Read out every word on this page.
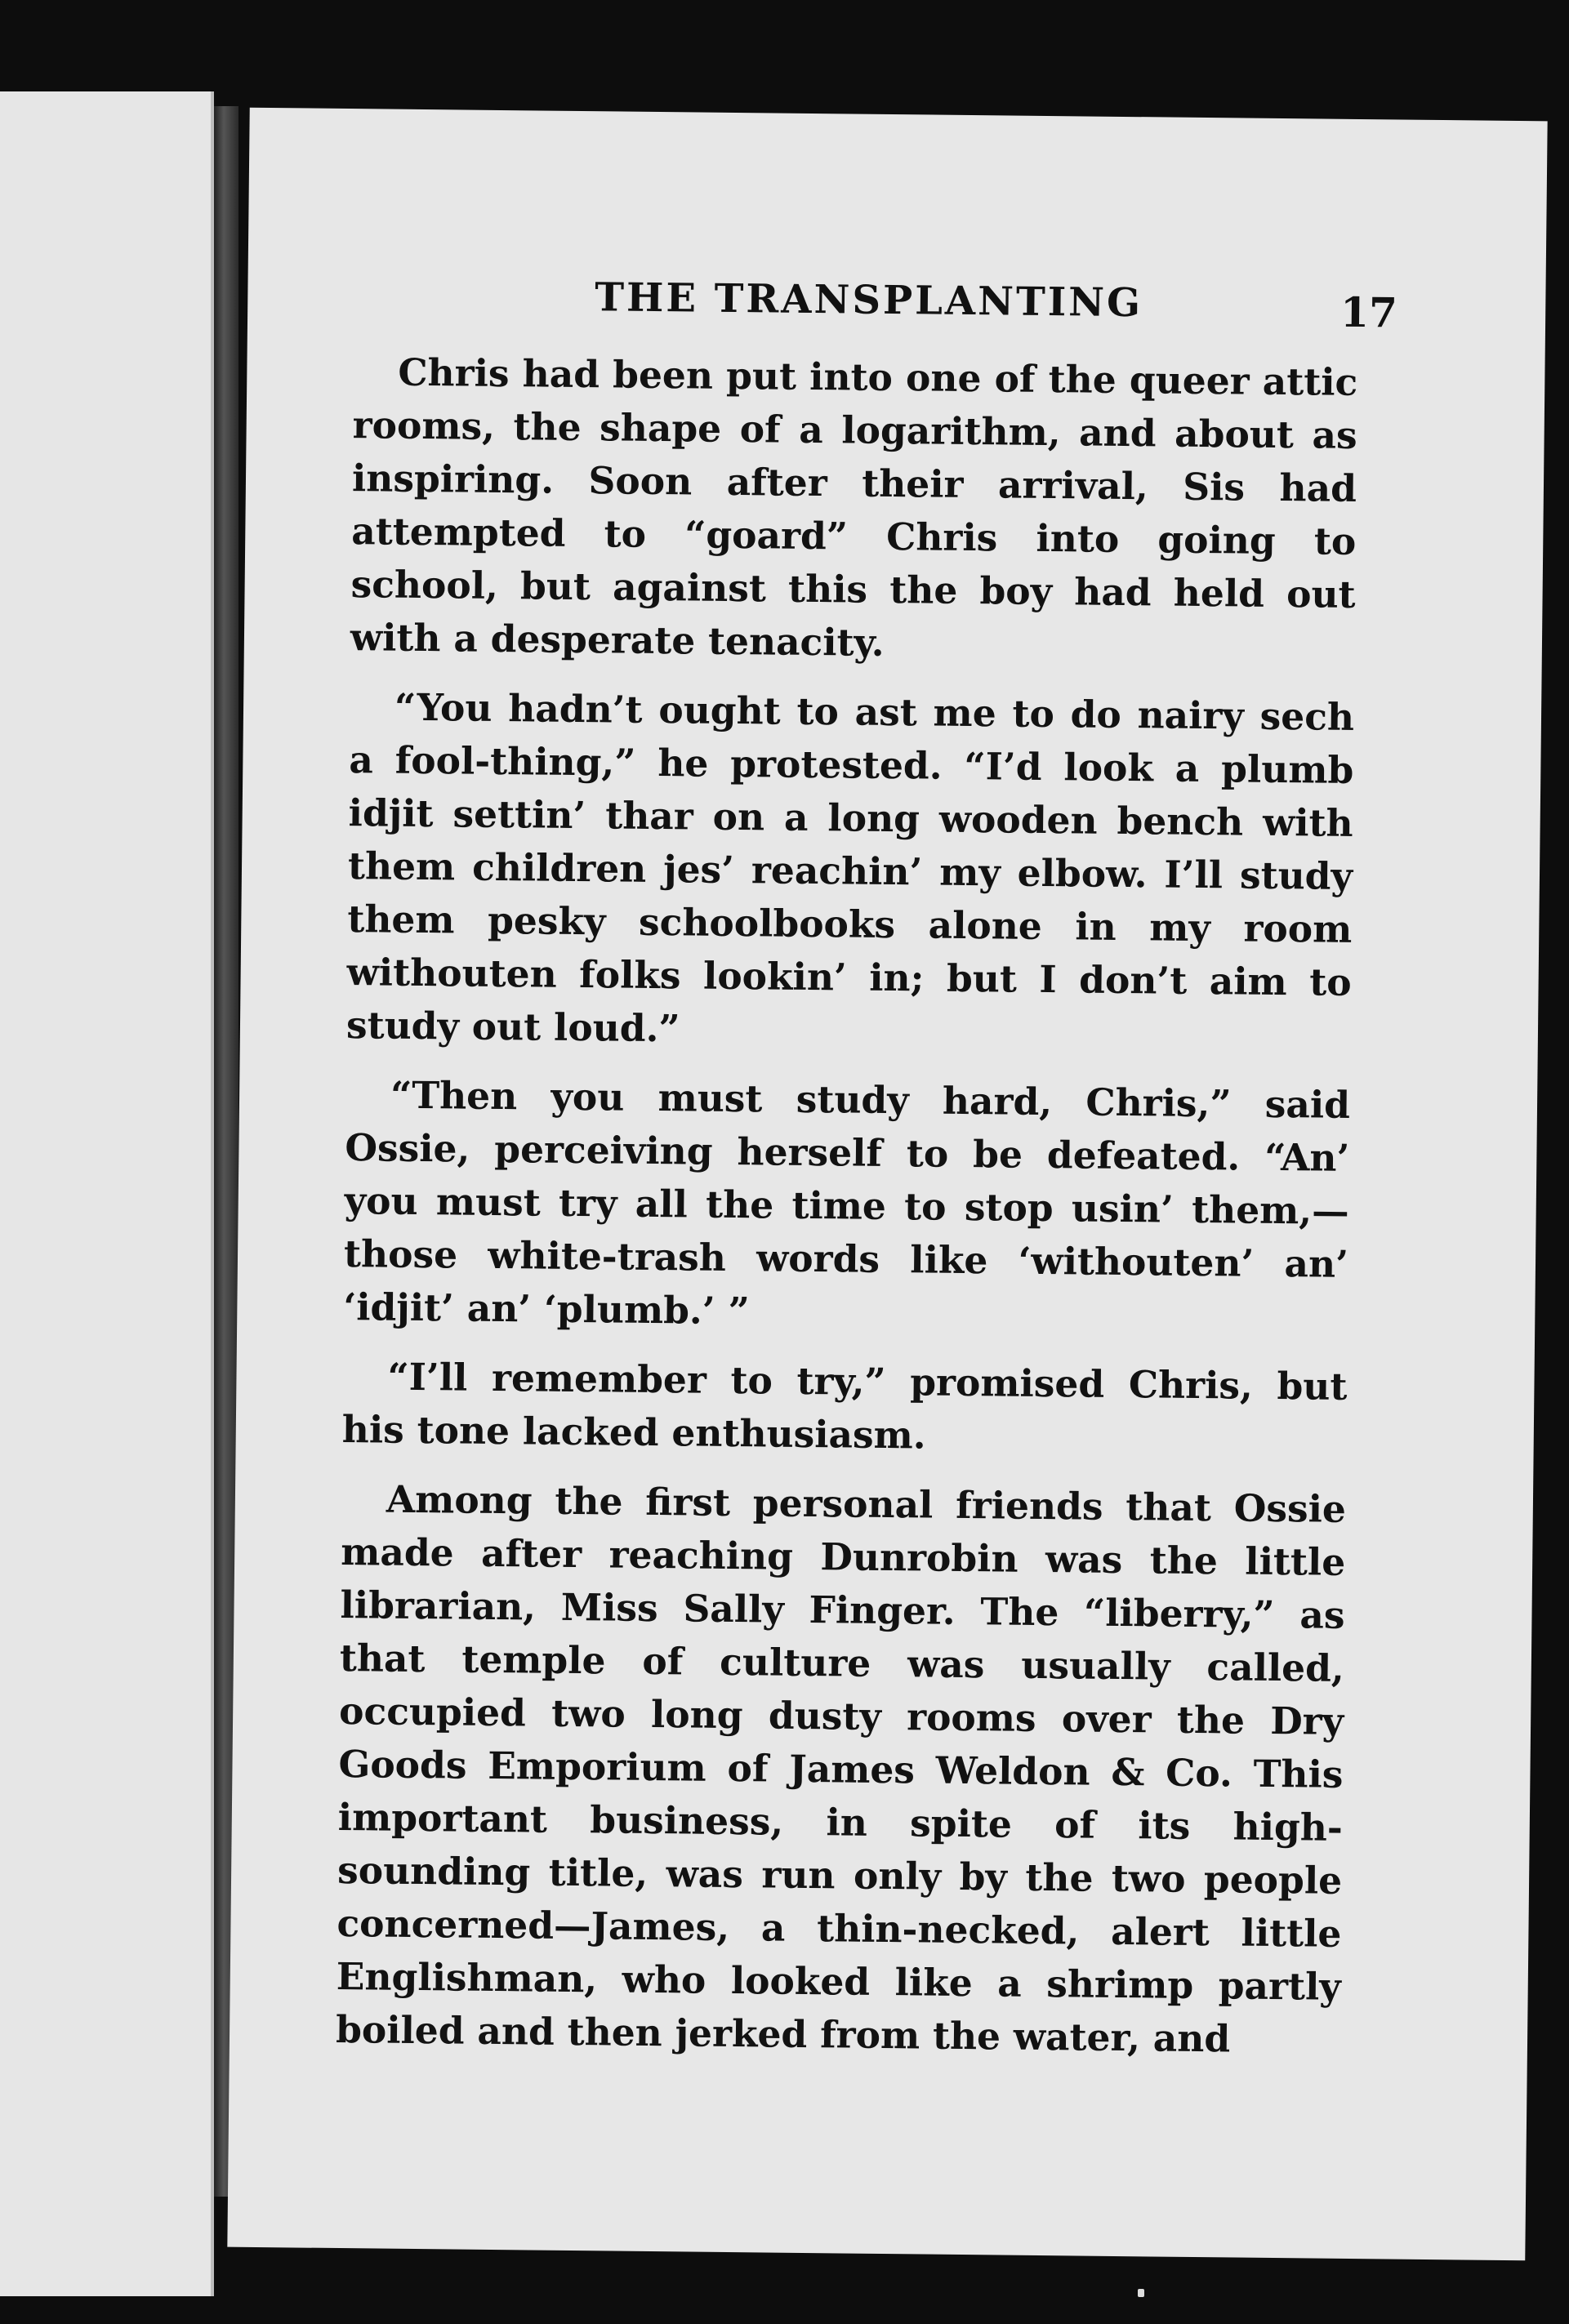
THE TRANSPLANTING	17

Chris had been put into one of the queer attic rooms, the shape of a logarithm, and about as inspiring. Soon after their arrival, Sis had attempted to “goard” Chris into going to school, but against this the boy had held out with a desperate tenacity.

“You hadn’t ought to ast me to do nairy sech a fool-thing,” he protested. “I’d look a plumb idjit settin’ thar on a long wooden bench with them children jes’ reachin’ my elbow. I’ll study them pesky schoolbooks alone in my room withouten folks lookin’ in; but I don’t aim to study out loud.”

“Then you must study hard, Chris,” said Ossie, perceiving herself to be defeated. “An’ you must try all the time to stop usin’ them,—those white-trash words like ‘withouten’ an’ ‘idjit’ an’ ‘plumb.’ ”

“I’ll remember to try,” promised Chris, but his tone lacked enthusiasm.

Among the first personal friends that Ossie made after reaching Dunrobin was the little librarian, Miss Sally Finger. The “liberry,” as that temple of culture was usually called, occupied two long dusty rooms over the Dry Goods Emporium of James Weldon & Co. This important business, in spite of its high-sounding title, was run only by the two people concerned—James, a thin-necked, alert little Englishman, who looked like a shrimp partly boiled and then jerked from the water, and
